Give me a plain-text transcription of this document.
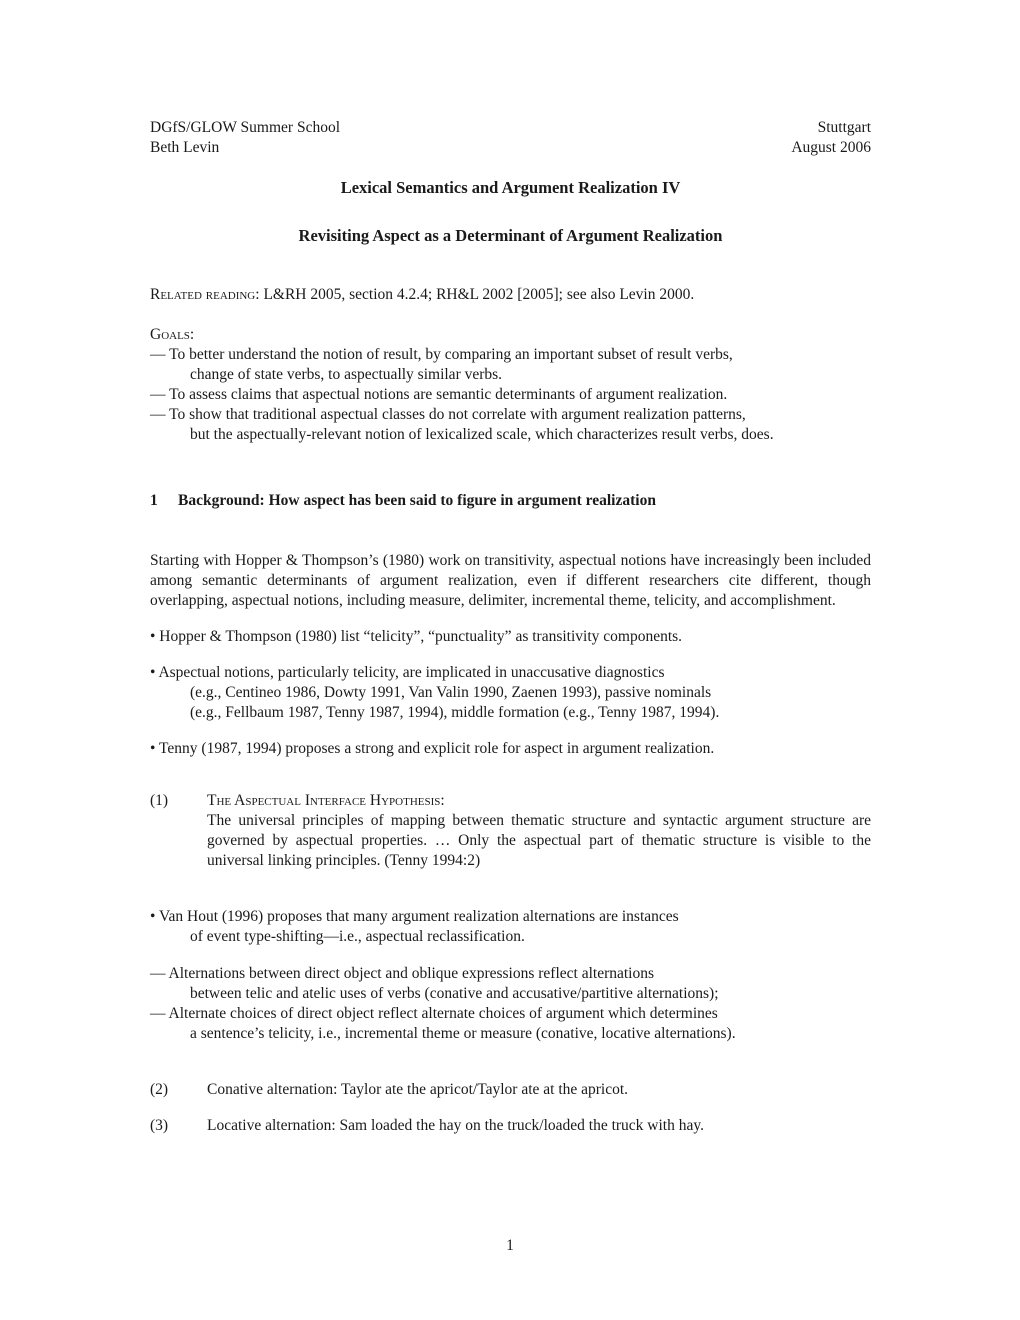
DGfS/GLOW Summer School	Stuttgart
Beth Levin	August 2006
Lexical Semantics and Argument Realization IV
Revisiting Aspect as a Determinant of Argument Realization
Related reading: L&RH 2005, section 4.2.4; RH&L 2002 [2005]; see also Levin 2000.
Goals:
— To better understand the notion of result, by comparing an important subset of result verbs,
change of state verbs, to aspectually similar verbs.
— To assess claims that aspectual notions are semantic determinants of argument realization.
— To show that traditional aspectual classes do not correlate with argument realization patterns,
but the aspectually-relevant notion of lexicalized scale, which characterizes result verbs, does.
1 Background: How aspect has been said to figure in argument realization
Starting with Hopper & Thompson’s (1980) work on transitivity, aspectual notions have increasingly been included among semantic determinants of argument realization, even if different researchers cite different, though overlapping, aspectual notions, including measure, delimiter, incremental theme, telicity, and accomplishment.
• Hopper & Thompson (1980) list “telicity”, “punctuality” as transitivity components.
• Aspectual notions, particularly telicity, are implicated in unaccusative diagnostics
(e.g., Centineo 1986, Dowty 1991, Van Valin 1990, Zaenen 1993), passive nominals
(e.g., Fellbaum 1987, Tenny 1987, 1994), middle formation (e.g., Tenny 1987, 1994).
• Tenny (1987, 1994) proposes a strong and explicit role for aspect in argument realization.
(1)	The Aspectual Interface Hypothesis:
The universal principles of mapping between thematic structure and syntactic argument structure are governed by aspectual properties. … Only the aspectual part of thematic structure is visible to the universal linking principles. (Tenny 1994:2)
• Van Hout (1996) proposes that many argument realization alternations are instances
of event type-shifting—i.e., aspectual reclassification.
— Alternations between direct object and oblique expressions reflect alternations
between telic and atelic uses of verbs (conative and accusative/partitive alternations);
— Alternate choices of direct object reflect alternate choices of argument which determines
a sentence’s telicity, i.e., incremental theme or measure (conative, locative alternations).
(2)	Conative alternation: Taylor ate the apricot/Taylor ate at the apricot.
(3)	Locative alternation: Sam loaded the hay on the truck/loaded the truck with hay.
1
